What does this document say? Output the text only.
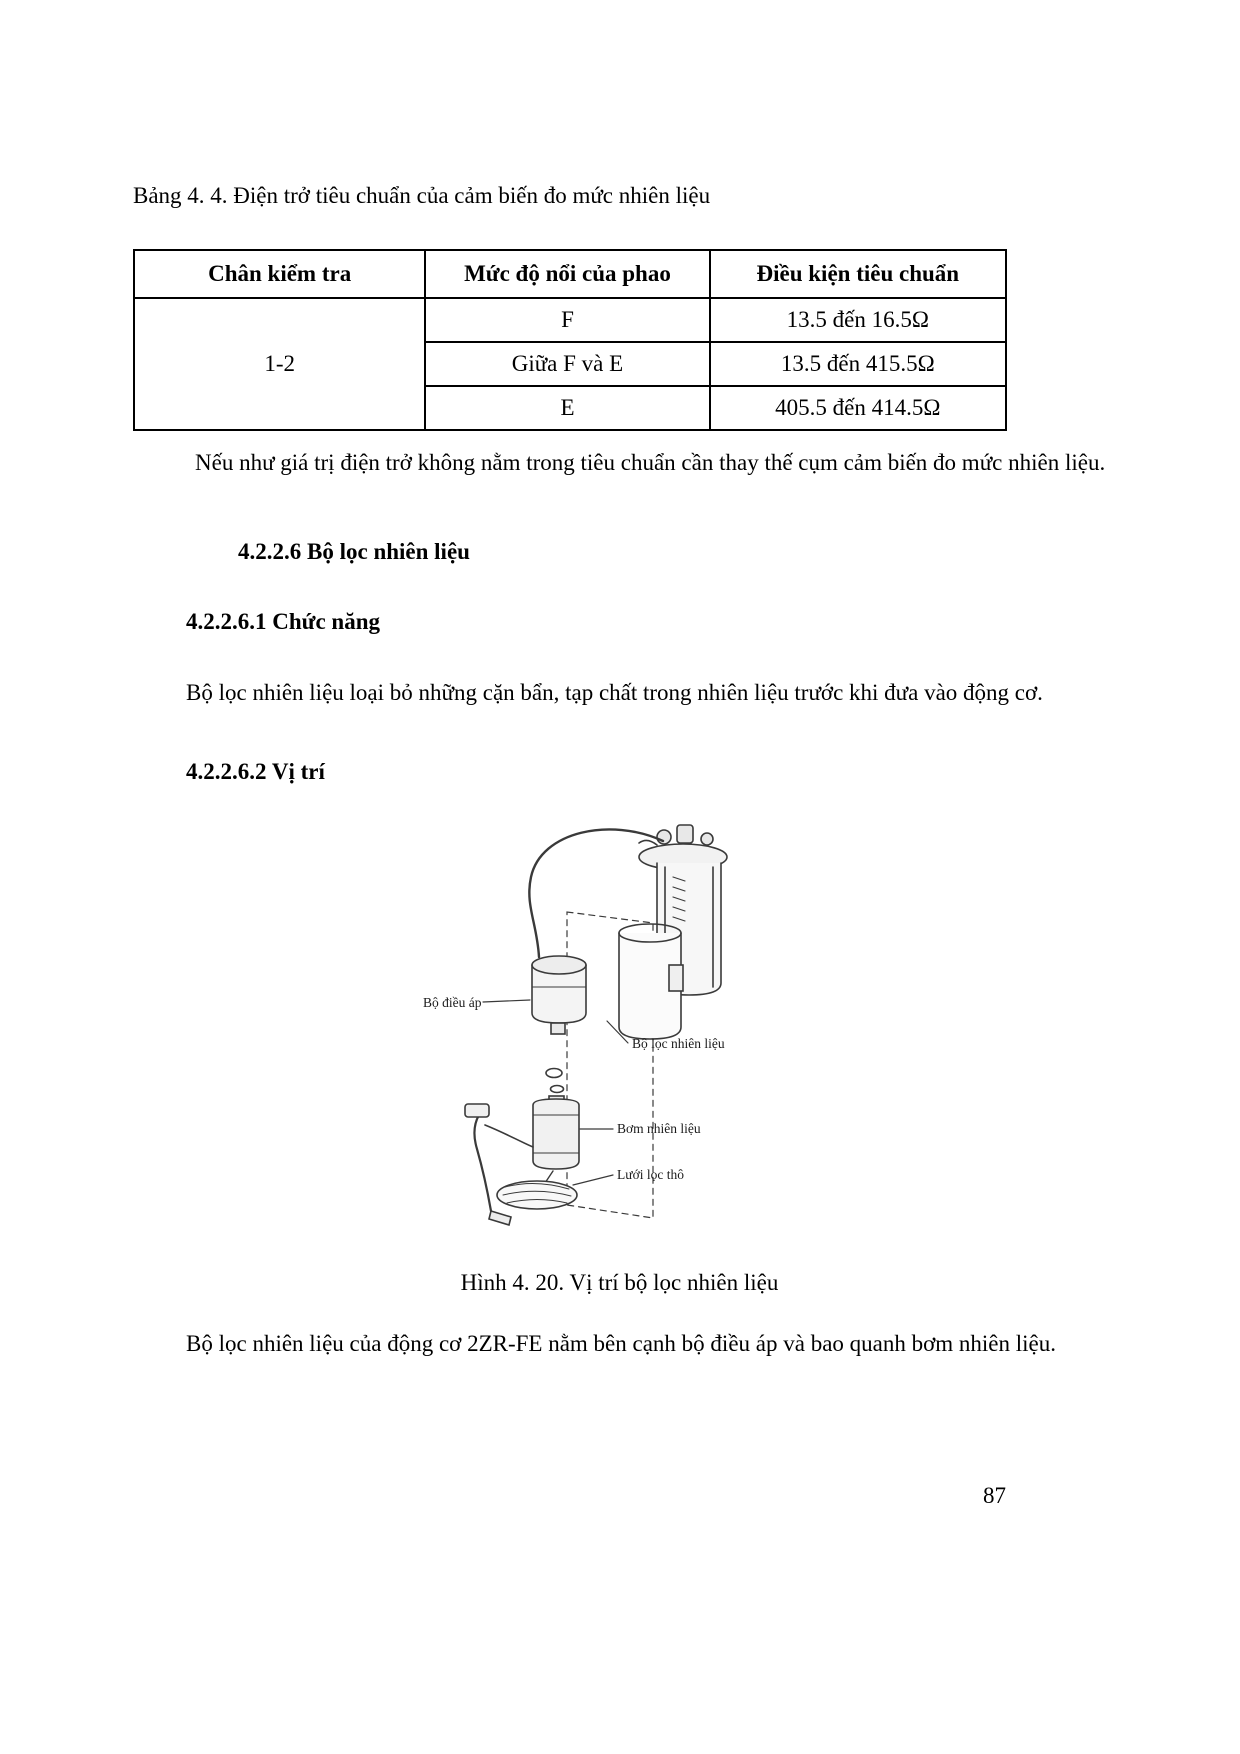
Bảng 4. 4. Điện trở tiêu chuẩn của cảm biến đo mức nhiên liệu

Chân kiểm tra	Mức độ nổi của phao	Điều kiện tiêu chuẩn
1-2	F	13.5 đến 16.5Ω
	Giữa F và E	13.5 đến 415.5Ω
	E	405.5 đến 414.5Ω

Nếu như giá trị điện trở không nằm trong tiêu chuẩn cần thay thế cụm cảm biến đo mức nhiên liệu.

4.2.2.6 Bộ lọc nhiên liệu
4.2.2.6.1 Chức năng

Bộ lọc nhiên liệu loại bỏ những cặn bẩn, tạp chất trong nhiên liệu trước khi đưa vào động cơ.

4.2.2.6.2 Vị trí
Bộ điều áp
Bộ lọc nhiên liệu
Bơm nhiên liệu
Lưới lọc thô

Hình 4. 20. Vị trí bộ lọc nhiên liệu

Bộ lọc nhiên liệu của động cơ 2ZR-FE nằm bên cạnh bộ điều áp và bao quanh bơm nhiên liệu.

87
